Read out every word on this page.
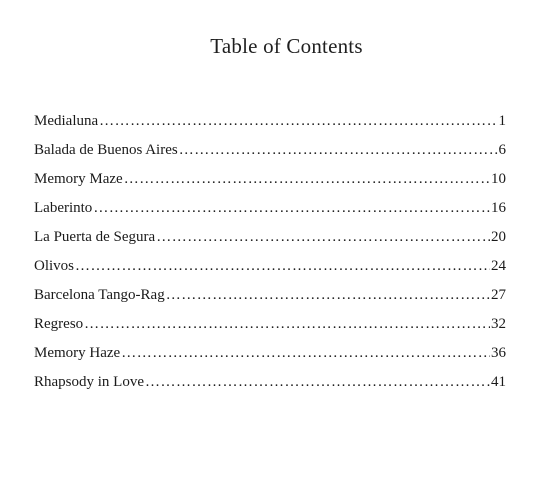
Table of Contents
Medialuna ……………………………………………………………………………………………………………………………………………………	1
Balada de Buenos Aires ……………………………………………………………………………………………………………………………………………………	6
Memory Maze ……………………………………………………………………………………………………………………………………………………	10
Laberinto ……………………………………………………………………………………………………………………………………………………	16
La Puerta de Segura ……………………………………………………………………………………………………………………………………………………	20
Olivos ……………………………………………………………………………………………………………………………………………………	24
Barcelona Tango-Rag ……………………………………………………………………………………………………………………………………………………	27
Regreso ……………………………………………………………………………………………………………………………………………………	32
Memory Haze ……………………………………………………………………………………………………………………………………………………	36
Rhapsody in Love ……………………………………………………………………………………………………………………………………………………	41
